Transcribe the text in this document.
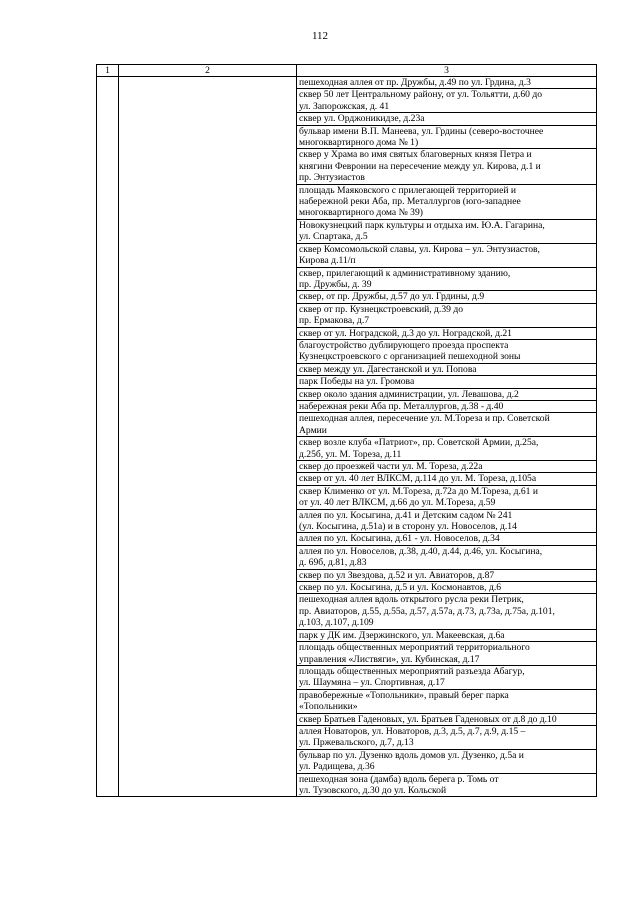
112
1	2	3

		пешеходная аллея от пр. Дружбы, д.49 по ул. Грдина, д.3

		сквер 50 лет Центральному району, от ул. Тольятти, д.60 до
ул. Запорожская, д. 41

		сквер ул. Орджоникидзе, д.23а

		бульвар имени В.П. Манеева, ул. Грдины (северо-восточнее
многоквартирного дома № 1)

		сквер у Храма во имя святых благоверных князя Петра и
княгини Февронии на пересечение между ул. Кирова, д.1 и
пр. Энтузиастов

		площадь Маяковского с прилегающей территорией и
набережной реки Аба, пр. Металлургов (юго-западнее
многоквартирного дома № 39)

		Новокузнецкий парк культуры и отдыха им. Ю.А. Гагарина,
ул. Спартака, д.5

		сквер Комсомольской славы, ул. Кирова – ул. Энтузиастов,
Кирова д.11/п

		сквер, прилегающий к административному зданию,
пр. Дружбы, д. 39

		сквер, от пр. Дружбы, д.57 до ул. Грдины, д.9

		сквер от пр. Кузнецкстроевский, д.39 до
пр. Ермакова, д.7

		сквер от ул. Ноградской, д.3 до ул. Ноградской, д.21

		благоустройство дублирующего проезда проспекта
Кузнецкстроевского с организацией пешеходной зоны

		сквер между ул. Дагестанской и ул. Попова

		парк Победы на ул. Громова

		сквер около здания администрации, ул. Левашова, д.2

		набережная реки Аба пр. Металлургов, д.38 - д.40

		пешеходная аллея, пересечение ул. М.Тореза и пр. Советской
Армии

		сквер возле клуба «Патриот», пр. Советской Армии, д.25а,
д.25б, ул. М. Тореза, д.11

		сквер до проезжей части ул. М. Тореза, д.22а

		сквер от ул. 40 лет ВЛКСМ, д.114 до ул. М. Тореза, д.105а

		сквер Клименко от ул. М.Тореза, д.72а до М.Тореза, д.61 и
от ул. 40 лет ВЛКСМ, д.66 до ул. М.Тореза, д.59

		аллея по ул. Косыгина, д.41 и Детским садом № 241
(ул. Косыгина, д.51а) и в сторону ул. Новоселов, д.14

		аллея по ул. Косыгина, д.61 - ул. Новоселов, д.34

		аллея по ул. Новоселов, д.38, д.40, д.44, д.46, ул. Косыгина,
д. 69б, д.81, д.83

		сквер по ул Звездова, д.52 и ул. Авиаторов, д.87

		сквер по ул. Косыгина, д.5 и ул. Космонавтов, д.6

		пешеходная аллея вдоль открытого русла реки Петрик,
пр. Авиаторов, д.55, д.55а, д.57, д.57а, д.73, д.73а, д.75а, д.101,
д.103, д.107, д.109

		парк у ДК им. Дзержинского, ул. Макеевская, д.6а

		площадь общественных мероприятий территориального
управления «Листвяги», ул. Кубинская, д.17

		площадь общественных мероприятий разъезда Абагур,
ул. Шаумяна – ул. Спортивная, д.17

		правобережные «Топольники», правый берег парка
«Топольники»

		сквер Братьев Гаденовых, ул. Братьев Гаденовых от д.8 до д.10

		аллея Новаторов, ул. Новаторов, д.3, д.5, д.7, д.9, д.15 –
ул. Пржевальского, д.7, д.13

		бульвар по ул. Дузенко вдоль домов ул. Дузенко, д.5а и
ул. Радищева, д.36

		пешеходная зона (дамба) вдоль берега р. Томь от
ул. Тузовского, д.30 до ул. Кольской
